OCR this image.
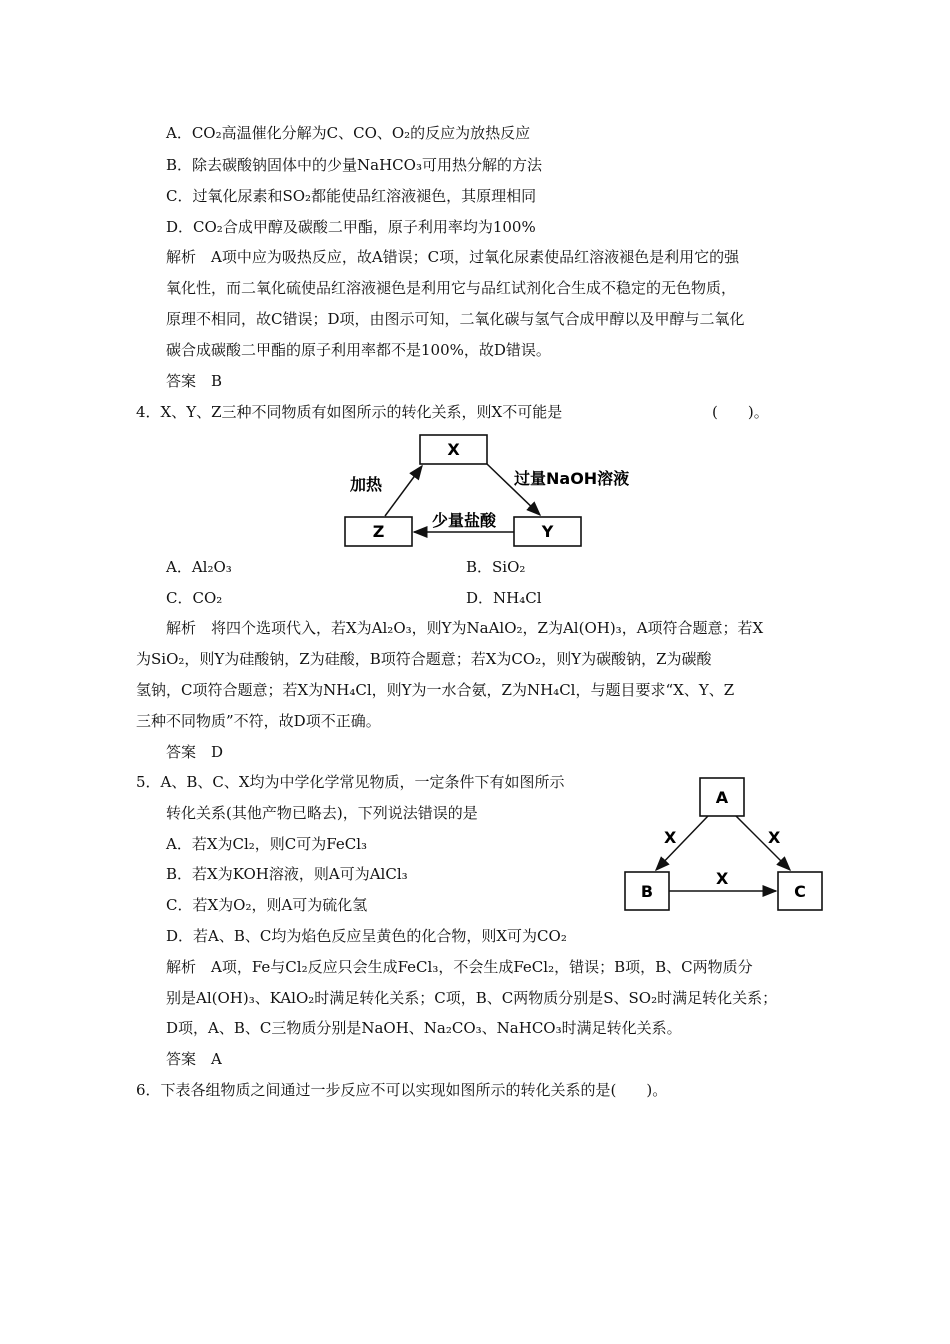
A．CO₂高温催化分解为C、CO、O₂的反应为放热反应
B．除去碳酸钠固体中的少量NaHCO₃可用热分解的方法
C．过氧化尿素和SO₂都能使品红溶液褪色，其原理相同
D．CO₂合成甲醇及碳酸二甲酯，原子利用率均为100%
解析　A项中应为吸热反应，故A错误；C项，过氧化尿素使品红溶液褪色是利用它的强
氧化性，而二氧化硫使品红溶液褪色是利用它与品红试剂化合生成不稳定的无色物质，
原理不相同，故C错误；D项，由图示可知，二氧化碳与氢气合成甲醇以及甲醇与二氧化
碳合成碳酸二甲酯的原子利用率都不是100%，故D错误。
答案　B
4．X、Y、Z三种不同物质有如图所示的转化关系，则X不可能是	(　　)。
X
Z	Y
过量NaOH溶液
加热
少量盐酸
A．Al₂O₃	B．SiO₂
C．CO₂	D．NH₄Cl
解析　将四个选项代入，若X为Al₂O₃，则Y为NaAlO₂，Z为Al(OH)₃，A项符合题意；若X
为SiO₂，则Y为硅酸钠，Z为硅酸，B项符合题意；若X为CO₂，则Y为碳酸钠，Z为碳酸
氢钠，C项符合题意；若X为NH₄Cl，则Y为一水合氨，Z为NH₄Cl，与题目要求“X、Y、Z
三种不同物质”不符，故D项不正确。
答案　D
5．A、B、C、X均为中学化学常见物质，一定条件下有如图所示
转化关系(其他产物已略去)，下列说法错误的是
A．若X为Cl₂，则C可为FeCl₃
B．若X为KOH溶液，则A可为AlCl₃
C．若X为O₂，则A可为硫化氢
D．若A、B、C均为焰色反应呈黄色的化合物，则X可为CO₂
A
B	C
X	X
X
解析　A项，Fe与Cl₂反应只会生成FeCl₃，不会生成FeCl₂，错误；B项，B、C两物质分
别是Al(OH)₃、KAlO₂时满足转化关系；C项，B、C两物质分别是S、SO₂时满足转化关系；
D项，A、B、C三物质分别是NaOH、Na₂CO₃、NaHCO₃时满足转化关系。
答案　A
6．下表各组物质之间通过一步反应不可以实现如图所示的转化关系的是(　　)。
